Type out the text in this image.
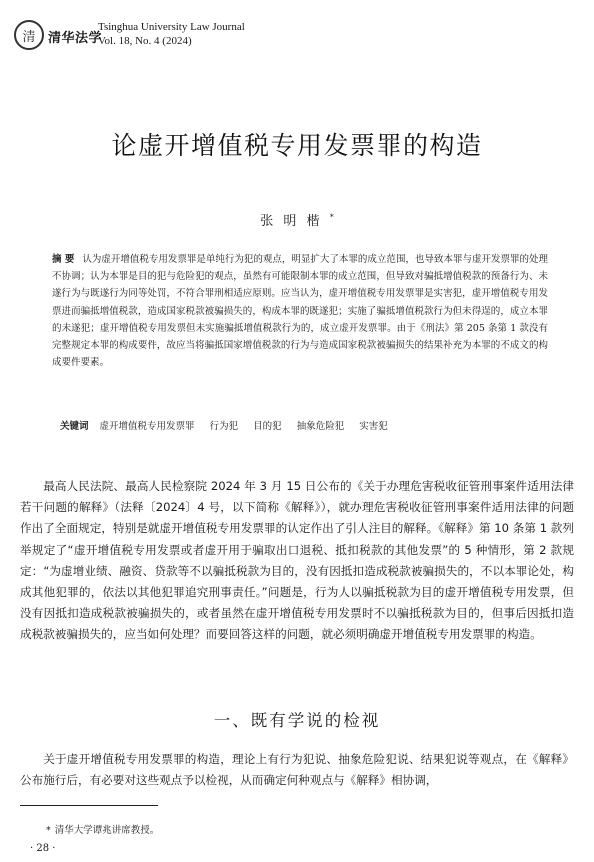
清 清华法学
Tsinghua University Law Journal
Vol. 18, No. 4 (2024)
论虚开增值税专用发票罪的构造
张 明 楷 *
摘 要 认为虚开增值税专用发票罪是单纯行为犯的观点，明显扩大了本罪的成立范围，也导致本罪与虚开发票罪的处理不协调；认为本罪是目的犯与危险犯的观点，虽然有可能限制本罪的成立范围，但导致对骗抵增值税款的预备行为、未遂行为与既遂行为同等处罚，不符合罪刑相适应原则。应当认为，虚开增值税专用发票罪是实害犯，虚开增值税专用发票进而骗抵增值税款，造成国家税款被骗损失的，构成本罪的既遂犯；实施了骗抵增值税款行为但未得逞的，成立本罪的未遂犯；虚开增值税专用发票但未实施骗抵增值税款行为的，成立虚开发票罪。由于《刑法》第 205 条第 1 款没有完整规定本罪的构成要件，故应当将骗抵国家增值税款的行为与造成国家税款被骗损失的结果补充为本罪的不成文的构成要件要素。
关键词 虚开增值税专用发票罪 行为犯 目的犯 抽象危险犯 实害犯

最高人民法院、最高人民检察院 2024 年 3 月 15 日公布的《关于办理危害税收征管刑事案件适用法律若干问题的解释》（法释〔2024〕4 号，以下简称《解释》），就办理危害税收征管刑事案件适用法律的问题作出了全面规定，特别是就虚开增值税专用发票罪的认定作出了引人注目的解释。《解释》第 10 条第 1 款列举规定了“虚开增值税专用发票或者虚开用于骗取出口退税、抵扣税款的其他发票”的 5 种情形，第 2 款规定：“为虚增业绩、融资、贷款等不以骗抵税款为目的，没有因抵扣造成税款被骗损失的，不以本罪论处，构成其他犯罪的，依法以其他犯罪追究刑事责任。”问题是，行为人以骗抵税款为目的虚开增值税专用发票，但没有因抵扣造成税款被骗损失的，或者虽然在虚开增值税专用发票时不以骗抵税款为目的，但事后因抵扣造成税款被骗损失的，应当如何处理？而要回答这样的问题，就必须明确虚开增值税专用发票罪的构造。

一、既有学说的检视

关于虚开增值税专用发票罪的构造，理论上有行为犯说、抽象危险犯说、结果犯说等观点，在《解释》公布施行后，有必要对这些观点予以检视，从而确定何种观点与《解释》相协调，

* 清华大学谭兆讲席教授。
· 28 ·
